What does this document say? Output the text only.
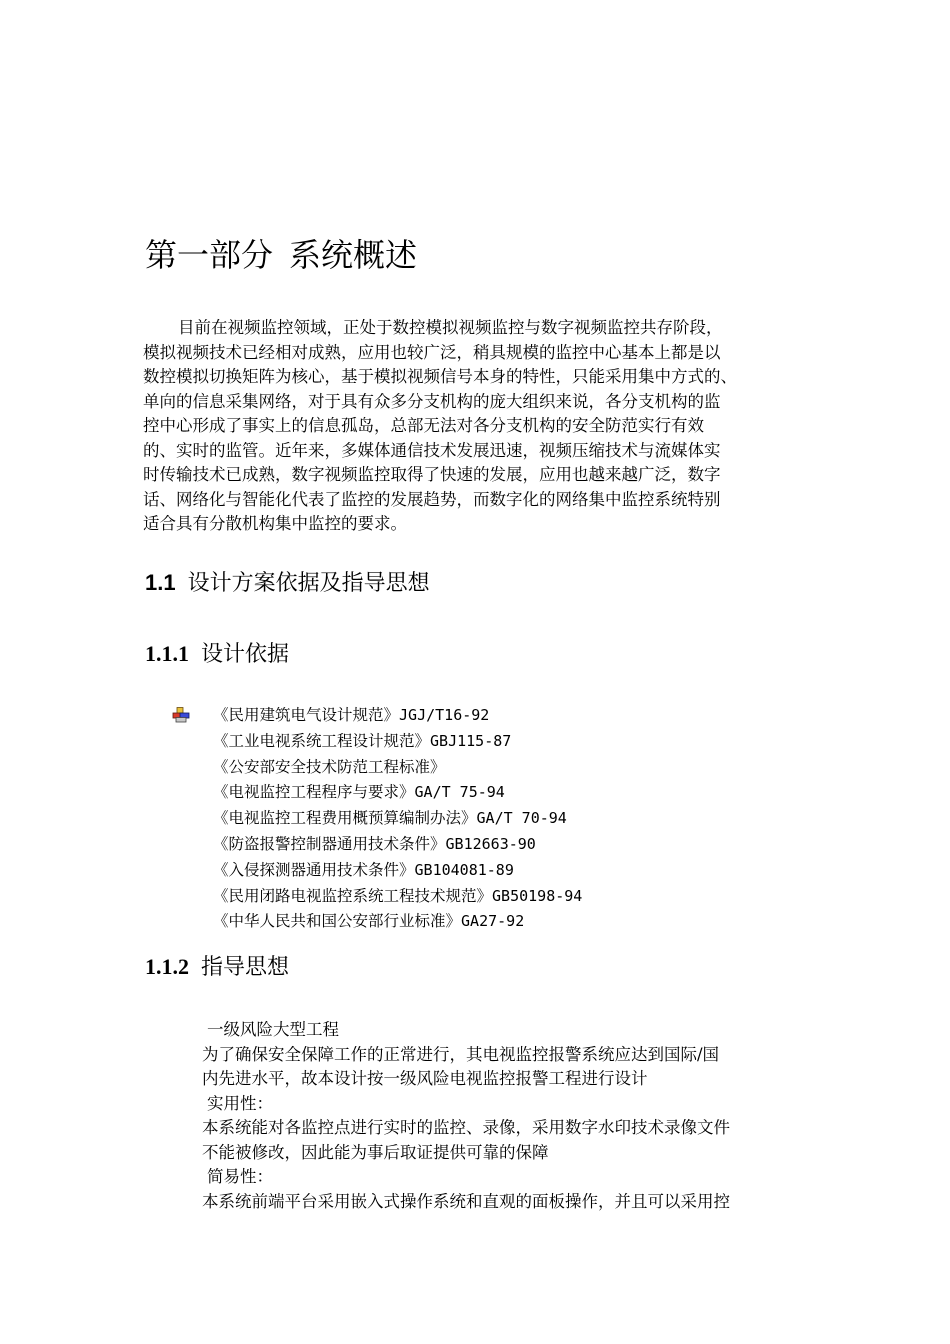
第一部分 系统概述

目前在视频监控领域，正处于数控模拟视频监控与数字视频监控共存阶段，
模拟视频技术已经相对成熟，应用也较广泛，稍具规模的监控中心基本上都是以
数控模拟切换矩阵为核心，基于模拟视频信号本身的特性，只能采用集中方式的、
单向的信息采集网络，对于具有众多分支机构的庞大组织来说，各分支机构的监
控中心形成了事实上的信息孤岛，总部无法对各分支机构的安全防范实行有效
的、实时的监管。近年来，多媒体通信技术发展迅速，视频压缩技术与流媒体实
时传输技术已成熟，数字视频监控取得了快速的发展，应用也越来越广泛，数字
话、网络化与智能化代表了监控的发展趋势，而数字化的网络集中监控系统特别
适合具有分散机构集中监控的要求。

1.1 设计方案依据及指导思想
1.1.1 设计依据
《民用建筑电气设计规范》JGJ/T16-92
《工业电视系统工程设计规范》GBJ115-87
《公安部安全技术防范工程标准》
《电视监控工程程序与要求》GA/T 75-94
《电视监控工程费用概预算编制办法》GA/T 70-94
《防盗报警控制器通用技术条件》GB12663-90
《入侵探测器通用技术条件》GB104081-89
《民用闭路电视监控系统工程技术规范》GB50198-94
《中华人民共和国公安部行业标准》GA27-92
1.1.2 指导思想

一级风险大型工程
为了确保安全保障工作的正常进行，其电视监控报警系统应达到国际/国
内先进水平，故本设计按一级风险电视监控报警工程进行设计
实用性：
本系统能对各监控点进行实时的监控、录像，采用数字水印技术录像文件
不能被修改，因此能为事后取证提供可靠的保障
简易性：
本系统前端平台采用嵌入式操作系统和直观的面板操作，并且可以采用控
